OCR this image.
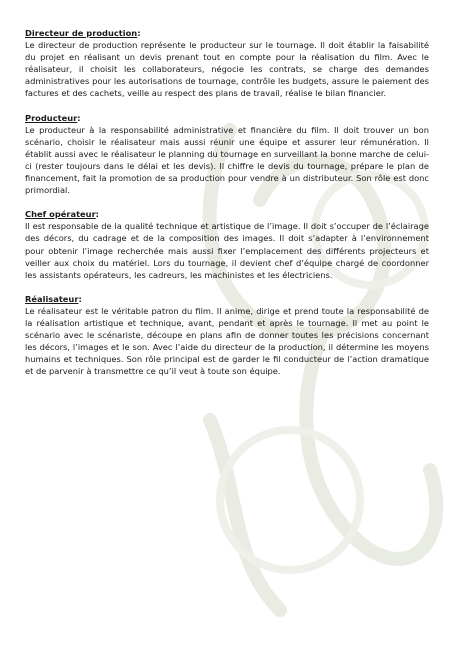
Directeur de production:
Le directeur de production représente le producteur sur le tournage. Il doit établir la faisabilité du projet en réalisant un devis prenant tout en compte pour la réalisation du film. Avec le réalisateur, il choisit les collaborateurs, négocie les contrats, se charge des demandes administratives pour les autorisations de tournage, contrôle les budgets, assure le paiement des factures et des cachets, veille au respect des plans de travail, réalise le bilan financier.
Producteur:
Le producteur à la responsabilité administrative et financière du film. Il doit trouver un bon scénario, choisir le réalisateur mais aussi réunir une équipe et assurer leur rémunération. Il établit aussi avec le réalisateur le planning du tournage en surveillant la bonne marche de celui-ci (rester toujours dans le délai et les devis). Il chiffre le devis du tournage, prépare le plan de financement, fait la promotion de sa production pour vendre à un distributeur. Son rôle est donc primordial.
Chef opérateur:
Il est responsable de la qualité technique et artistique de l’image. Il doit s’occuper de l’éclairage des décors, du cadrage et de la composition des images. Il doit s’adapter à l’environnement pour obtenir l’image recherchée mais aussi fixer l’emplacement des différents projecteurs et veiller aux choix du matériel. Lors du tournage, il devient chef d’équipe chargé de coordonner les assistants opérateurs, les cadreurs, les machinistes et les électriciens.
Réalisateur:
Le réalisateur est le véritable patron du film. Il anime, dirige et prend toute la responsabilité de la réalisation artistique et technique, avant, pendant et après le tournage. Il met au point le scénario avec le scénariste, découpe en plans afin de donner toutes les précisions concernant les décors, l’images et le son. Avec l’aide du directeur de la production, il détermine les moyens humains et techniques. Son rôle principal est de garder le fil conducteur de l’action dramatique et de parvenir à transmettre ce qu’il veut à toute son équipe.
